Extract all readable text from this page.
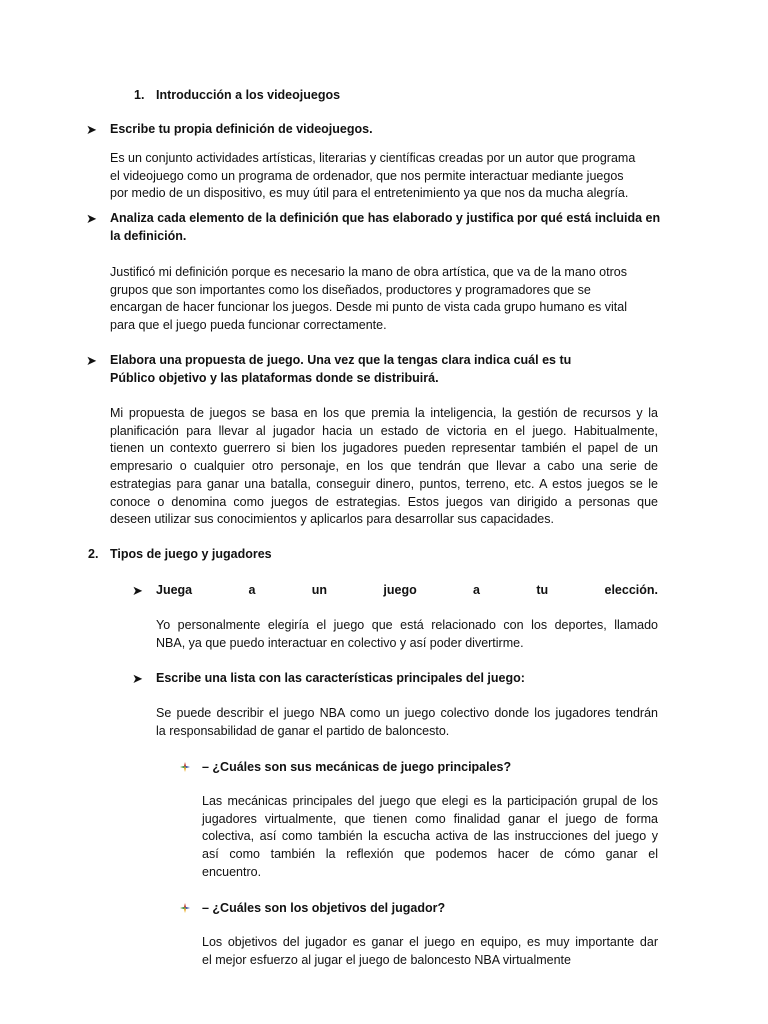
1. Introducción a los videojuegos
➤ Escribe tu propia definición de videojuegos.

Es un conjunto actividades artísticas, literarias y científicas creadas por un autor que programa

el videojuego como un programa de ordenador, que nos permite interactuar mediante juegos

por medio de un dispositivo, es muy útil para el entretenimiento ya que nos da mucha alegría.

➤ Analiza cada elemento de la definición que has elaborado y justifica por qué está incluida en

la definición.

Justificó mi definición porque es necesario la mano de obra artística, que va de la mano otros

grupos que son importantes como los diseñados, productores y programadores que se

encargan de hacer funcionar los juegos. Desde mi punto de vista cada grupo humano es vital

para que el juego pueda funcionar correctamente.

➤ Elabora una propuesta de juego. Una vez que la tengas clara indica cuál es tu

Público objetivo y las plataformas donde se distribuirá.

Mi propuesta de juegos se basa en los que premia la inteligencia, la gestión de recursos y la

planificación para llevar al jugador hacia un estado de victoria en el juego. Habitualmente,

tienen un contexto guerrero si bien los jugadores pueden representar también el papel de un

empresario o cualquier otro personaje, en los que tendrán que llevar a cabo una serie de

estrategias para ganar una batalla, conseguir dinero, puntos, terreno, etc. A estos juegos se le

conoce o denomina como juegos de estrategias. Estos juegos van dirigido a personas que

deseen utilizar sus conocimientos y aplicarlos para desarrollar sus capacidades.

2. Tipos de juego y jugadores
➤ Juega a un juego a tu elección.

Yo personalmente elegiría el juego que está relacionado con los deportes, llamado

NBA, ya que puedo interactuar en colectivo y así poder divertirme.

➤ Escribe una lista con las características principales del juego:

Se puede describir el juego NBA como un juego colectivo donde los jugadores tendrán

la responsabilidad de ganar el partido de baloncesto.

– ¿Cuáles son sus mecánicas de juego principales?

Las mecánicas principales del juego que elegi es la participación grupal de los

jugadores virtualmente, que tienen como finalidad ganar el juego de forma

colectiva, así como también la escucha activa de las instrucciones del juego y

así como también la reflexión que podemos hacer de cómo ganar el

encuentro.

– ¿Cuáles son los objetivos del jugador?

Los objetivos del jugador es ganar el juego en equipo, es muy importante dar

el mejor esfuerzo al jugar el juego de baloncesto NBA virtualmente
